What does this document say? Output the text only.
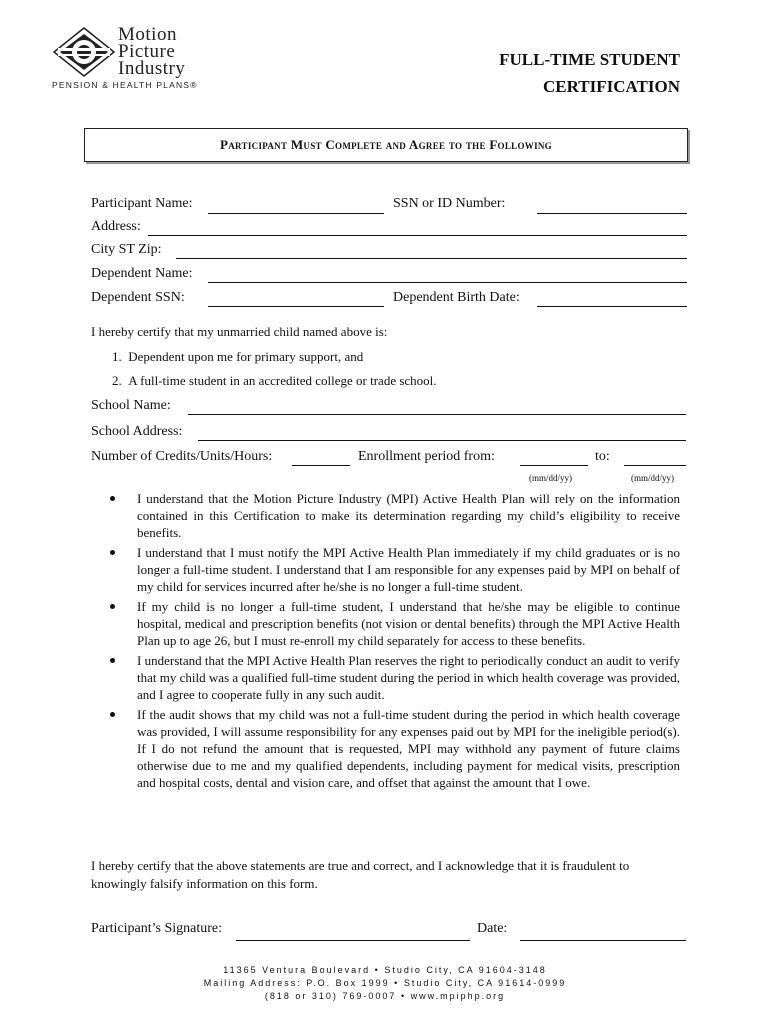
Motion
Picture
Industry
PENSION & HEALTH PLANS®
FULL-TIME STUDENT
CERTIFICATION
Participant Must Complete and Agree to the Following
Participant Name:	SSN or ID Number:
Address:
City ST Zip:
Dependent Name:
Dependent SSN:	Dependent Birth Date:
I hereby certify that my unmarried child named above is:
1. Dependent upon me for primary support, and
2. A full-time student in an accredited college or trade school.
School Name:
School Address:
Number of Credits/Units/Hours:	Enrollment period from:	to:
(mm/dd/yy)	(mm/dd/yy)
I understand that the Motion Picture Industry (MPI) Active Health Plan will rely on the information contained in this Certification to make its determination regarding my child’s eligibility to receive benefits.
I understand that I must notify the MPI Active Health Plan immediately if my child graduates or is no longer a full-time student. I understand that I am responsible for any expenses paid by MPI on behalf of my child for services incurred after he/she is no longer a full-time student.
If my child is no longer a full-time student, I understand that he/she may be eligible to continue hospital, medical and prescription benefits (not vision or dental benefits) through the MPI Active Health Plan up to age 26, but I must re-enroll my child separately for access to these benefits.
I understand that the MPI Active Health Plan reserves the right to periodically conduct an audit to verify that my child was a qualified full-time student during the period in which health coverage was provided, and I agree to cooperate fully in any such audit.
If the audit shows that my child was not a full-time student during the period in which health coverage was provided, I will assume responsibility for any expenses paid out by MPI for the ineligible period(s). If I do not refund the amount that is requested, MPI may withhold any payment of future claims otherwise due to me and my qualified dependents, including payment for medical visits, prescription and hospital costs, dental and vision care, and offset that against the amount that I owe.
I hereby certify that the above statements are true and correct, and I acknowledge that it is fraudulent to knowingly falsify information on this form.
Participant’s Signature:	Date:
11365 Ventura Boulevard • Studio City, CA 91604-3148
Mailing Address: P.O. Box 1999 • Studio City, CA 91614-0999
(818 or 310) 769-0007 • www.mpiphp.org
